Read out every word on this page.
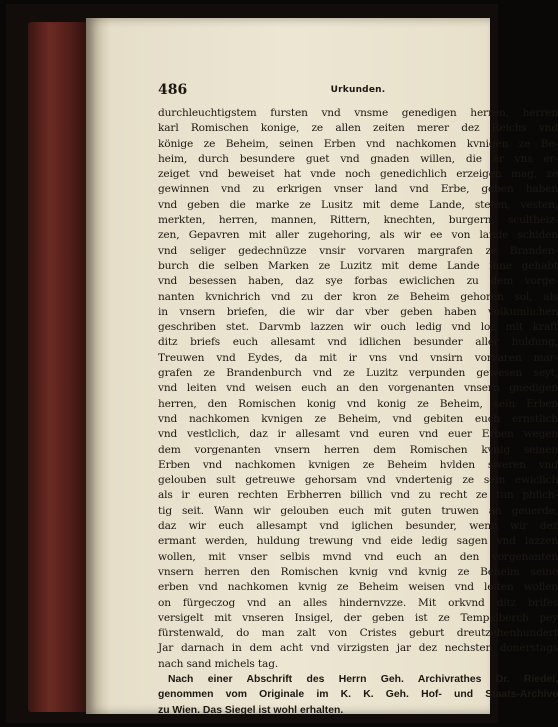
486	Urkunden.
durchleuchtigstem fursten vnd vnsme genedigen herren, herren
karl Romischen konige, ze allen zeiten merer dez Reichs vnd
könige ze Beheim, seinen Erben vnd nachkomen kvnigen ze Be-
heim, durch besundere guet vnd gnaden willen, die er vns er-
zeiget vnd beweiset hat vnde noch genedichlich erzeigen mag, ze
gewinnen vnd zu erkrigen vnser land vnd Erbe, geben haben
vnd geben die marke ze Lusitz mit deme Lande, steten, vesten,
merkten, herren, mannen, Rittern, knechten, burgern, scultheiz-
zen, Gepavren mit aller zugehoring, als wir ee von lande schiden
vnd seliger gedechnüzze vnsir vorvaren margrafen ze Branden-
burch die selben Marken ze Luzitz mit deme Lande inne gehabt
vnd besessen haben, daz sye forbas ewiclichen zu dem vorge-
nanten kvnichrich vnd zu der kron ze Beheim gehoren sol, als
in vnsern briefen, die wir dar vber geben haben volkumlichen
geschriben stet. Darvmb lazzen wir ouch ledig vnd loz mit kraft
ditz briefs euch allesamt vnd idlichen besunder aller huldung,
Treuwen vnd Eydes, da mit ir vns vnd vnsirn vorvaren mar-
grafen ze Brandenburch vnd ze Luzitz verpunden gewesen seyt,
vnd leiten vnd weisen euch an den vorgenanten vnsern gnedigen
herren, den Romischen konig vnd konig ze Beheim, sein Erben
vnd nachkomen kvnigen ze Beheim, vnd gebiten euch ernstlich
vnd vestlclich, daz ir allesamt vnd euren vnd euer Erben wegen
dem vorgenanten vnsern herren dem Romischen kvnig seinen
Erben vnd nachkomen kvnigen ze Beheim hvlden sweren vnd
gelouben sult getreuwe gehorsam vnd vndertenig ze sein ewiclich
als ir euren rechten Erbherren billich vnd zu recht ze tun phlich-
tig seit. Wann wir gelouben euch mit guten truwen an geuerde,
daz wir euch allesampt vnd iglichen besunder, wenn wir dez
ermant werden, huldung trewung vnd eide ledig sagen vnd lazzen
wollen, mit vnser selbis mvnd vnd euch an den vorgenanten
vnsern herren den Romischen kvnig vnd kvnig ze Beheim seine
erben vnd nachkomen kvnig ze Beheim weisen vnd leiten wollen
on fürgeczog vnd an alles hindernvzze. Mit orkvnd ditz brifes
versigelt mit vnseren Insigel, der geben ist ze Tempelberch pey
fürstenwald, do man zalt von Cristes geburt dreutzehenhundert
Jar darnach in dem acht vnd virzigsten jar dez nechsten donerstags
nach sand michels tag.
Nach einer Abschrift des Herrn Geh. Archivrathes Dr. Riedel,
genommen vom Originale im K. K. Geh. Hof- und Staats-Archive
zu Wien. Das Siegel ist wohl erhalten.
